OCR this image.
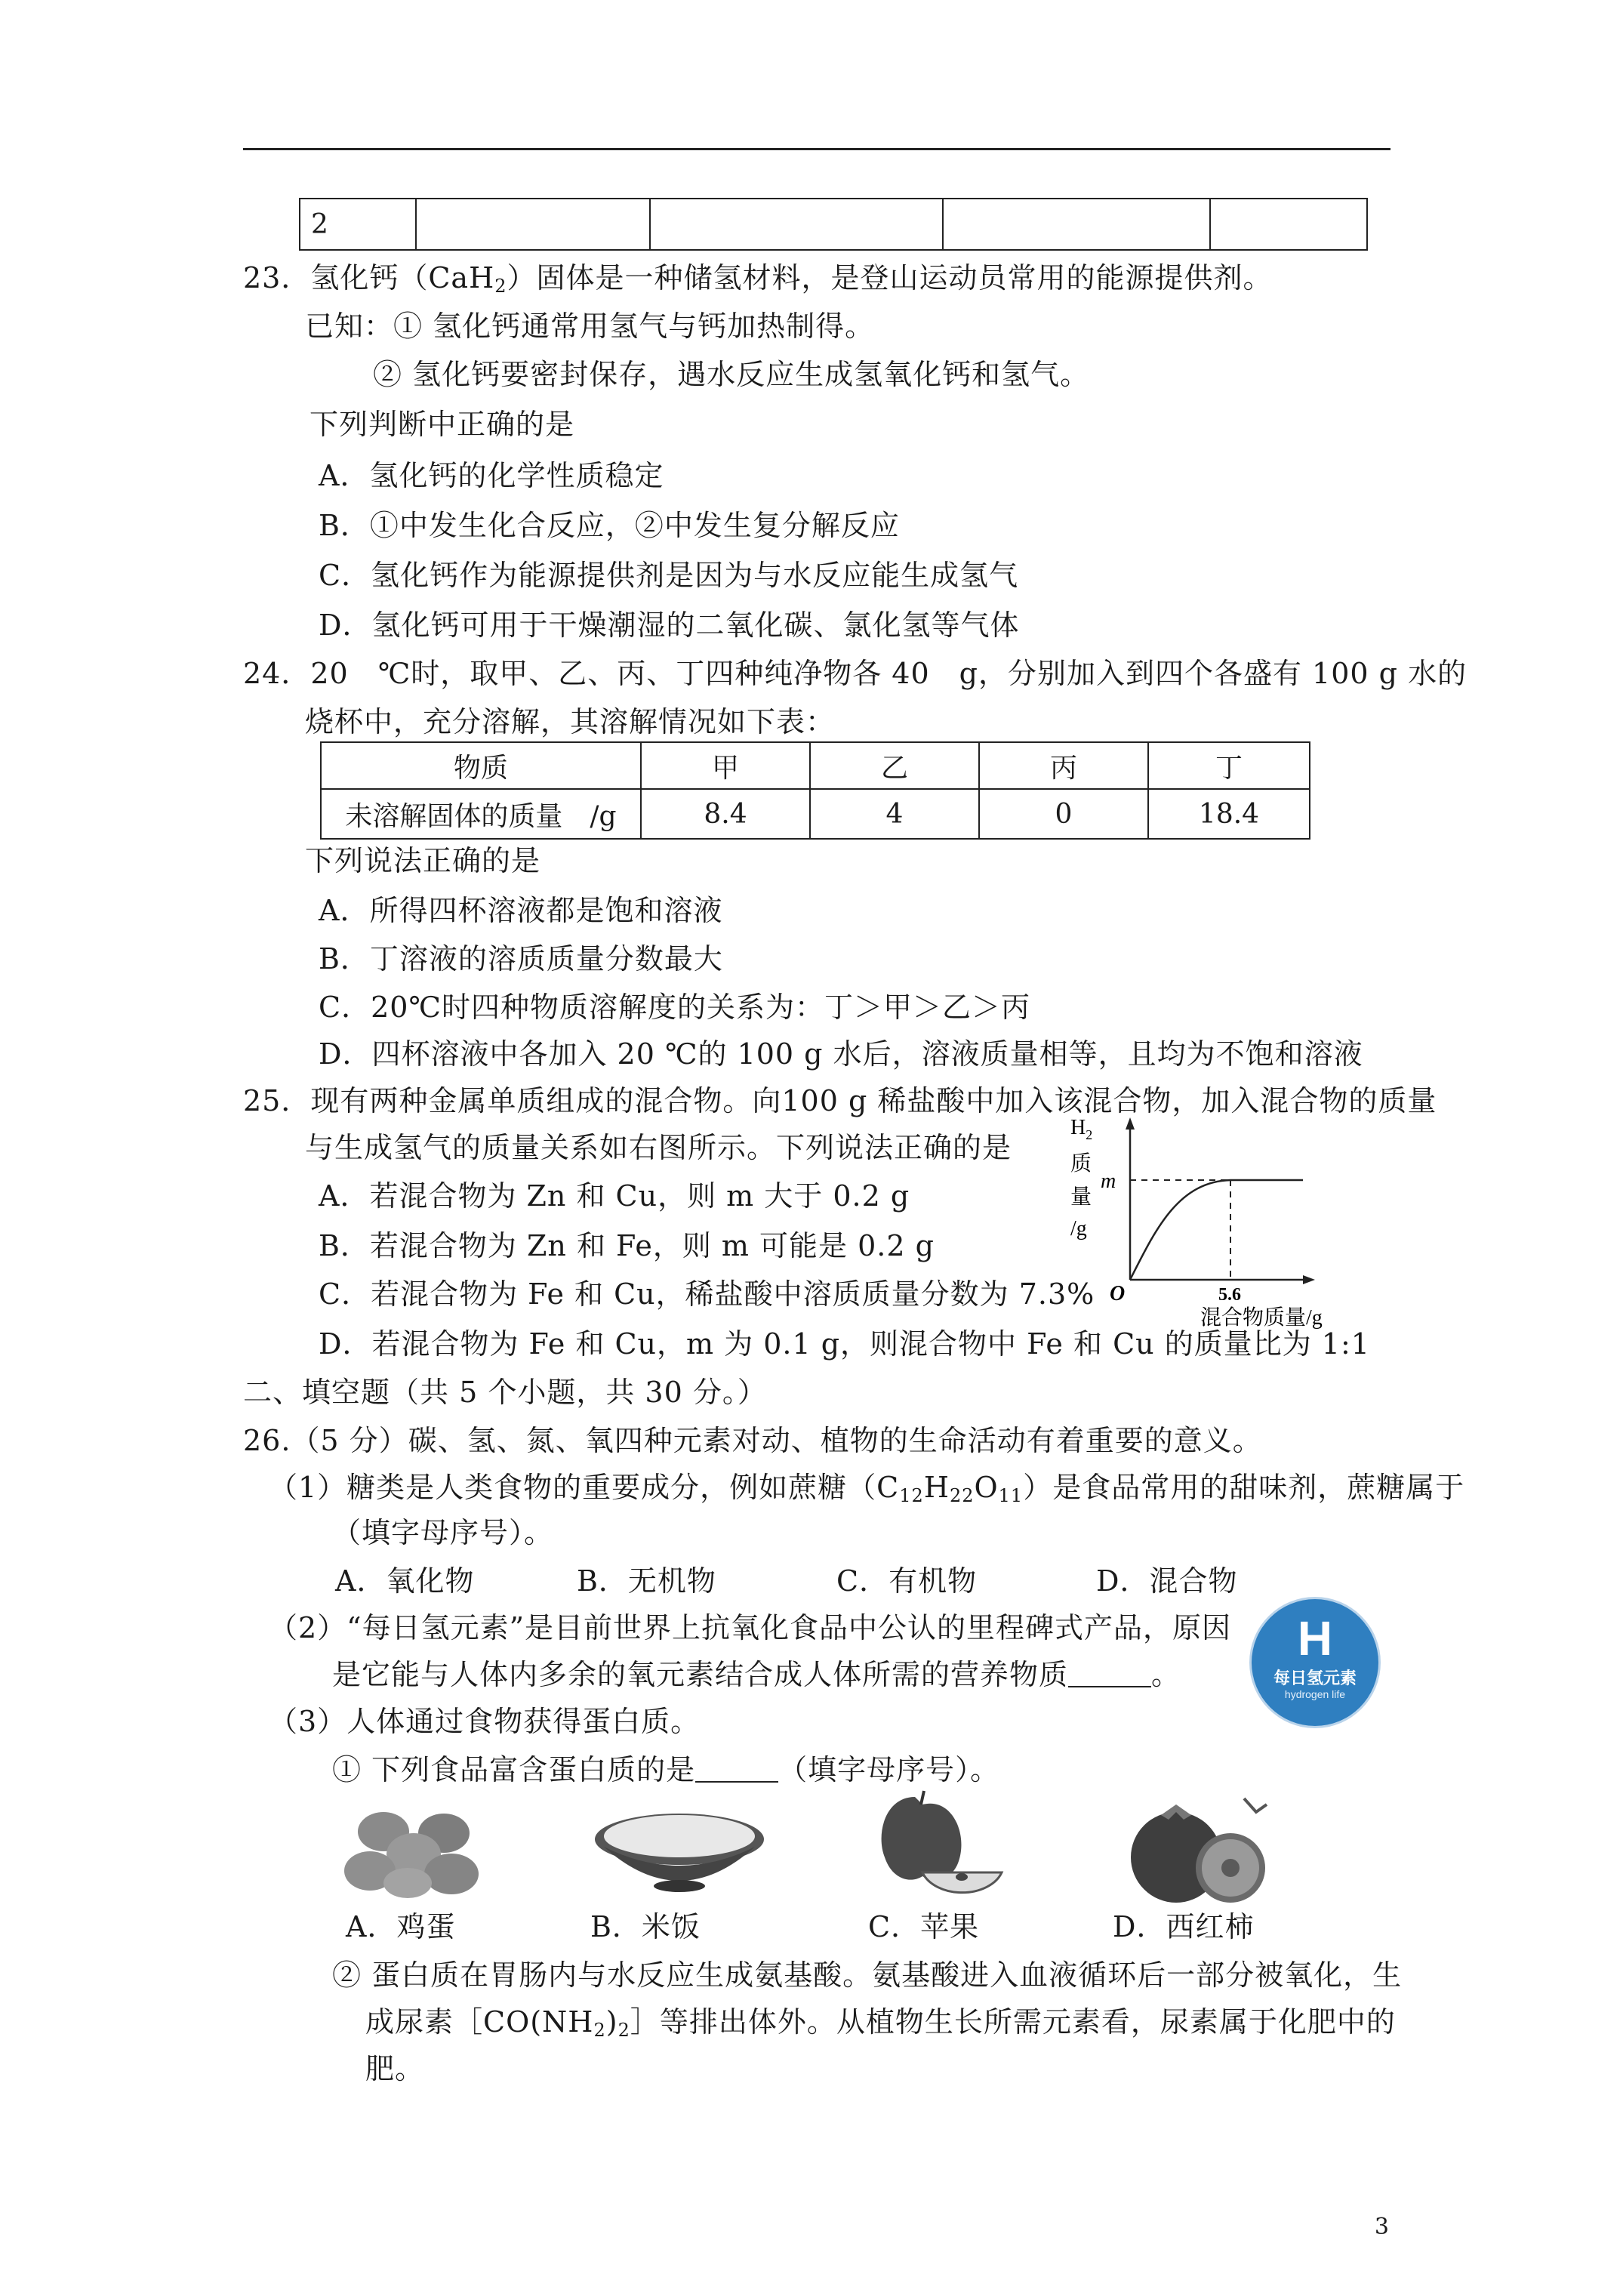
2				
23．氢化钙（CaH$_2$）固体是一种储氢材料，是登山运动员常用的能源提供剂。
已知：① 氢化钙通常用氢气与钙加热制得。
② 氢化钙要密封保存，遇水反应生成氢氧化钙和氢气。
下列判断中正确的是
A．氢化钙的化学性质稳定
B．①中发生化合反应，②中发生复分解反应
C．氢化钙作为能源提供剂是因为与水反应能生成氢气
D．氢化钙可用于干燥潮湿的二氧化碳、氯化氢等气体
24．20　℃时，取甲、乙、丙、丁四种纯净物各 40　g，分别加入到四个各盛有 100 g 水的
烧杯中，充分溶解，其溶解情况如下表：
物质	甲	乙	丙	丁
未溶解固体的质量　/g	8.4	4	0	18.4
下列说法正确的是
A．所得四杯溶液都是饱和溶液
B．丁溶液的溶质质量分数最大
C．20℃时四种物质溶解度的关系为：丁＞甲＞乙＞丙
D．四杯溶液中各加入 20 ℃的 100 g 水后，溶液质量相等，且均为不饱和溶液
25．现有两种金属单质组成的混合物。向100 g 稀盐酸中加入该混合物，加入混合物的质量
与生成氢气的质量关系如右图所示。下列说法正确的是
A．若混合物为 Zn 和 Cu，则 m 大于 0.2 g
B．若混合物为 Zn 和 Fe，则 m 可能是 0.2 g
C．若混合物为 Fe 和 Cu，稀盐酸中溶质质量分数为 7.3%
D．若混合物为 Fe 和 Cu，m 为 0.1 g，则混合物中 Fe 和 Cu 的质量比为 1:1
$H_2$
质
量
/g
m
O	5.6
混合物质量/g
二、填空题（共 5 个小题，共 30 分。）
26.（5 分）碳、氢、氮、氧四种元素对动、植物的生命活动有着重要的意义。
（1）糖类是人类食物的重要成分，例如蔗糖$(C_{12}H_{22}O_{11})$是食品常用的甜味剂，蔗糖属于
（填字母序号）。
A．氧化物	B．无机物	C．有机物	D．混合物
（2）“每日氢元素”是目前世界上抗氧化食品中公认的里程碑式产品，原因
是它能与人体内多余的氧元素结合成人体所需的营养物质	。
H
每日氢元素
hydrogen life
（3）人体通过食物获得蛋白质。
① 下列食品富含蛋白质的是	（填字母序号）。
A．鸡蛋	B．米饭	C．苹果	D．西红柿
② 蛋白质在胃肠内与水反应生成氨基酸。氨基酸进入血液循环后一部分被氧化，生
成尿素$[CO(NH_2)_2]$等排出体外。从植物生长所需元素看，尿素属于化肥中的
肥。
3
